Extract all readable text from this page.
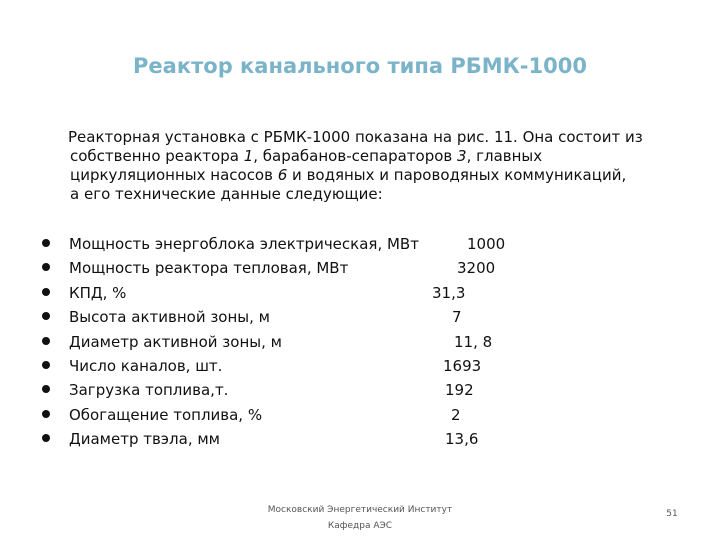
Реактор канального типа РБМК-1000
Реакторная установка с РБМК-1000 показана на рис. 11. Она состоит из
собственно реактора 1, барабанов-сепараторов 3, главных
циркуляционных насосов 6 и водяных и пароводяных коммуникаций,
а его технические данные следующие:
Мощность энергоблока электрическая, МВт	1000
Мощность реактора тепловая, МВт	3200
КПД, %	31,3
Высота активной зоны, м	7
Диаметр активной зоны, м	11, 8
Число каналов, шт.	1693
Загрузка топлива,т.	192
Обогащение топлива, %	2
Диаметр твэла, мм	13,6
Московский Энергетический Институт
Кафедра АЭС
51
